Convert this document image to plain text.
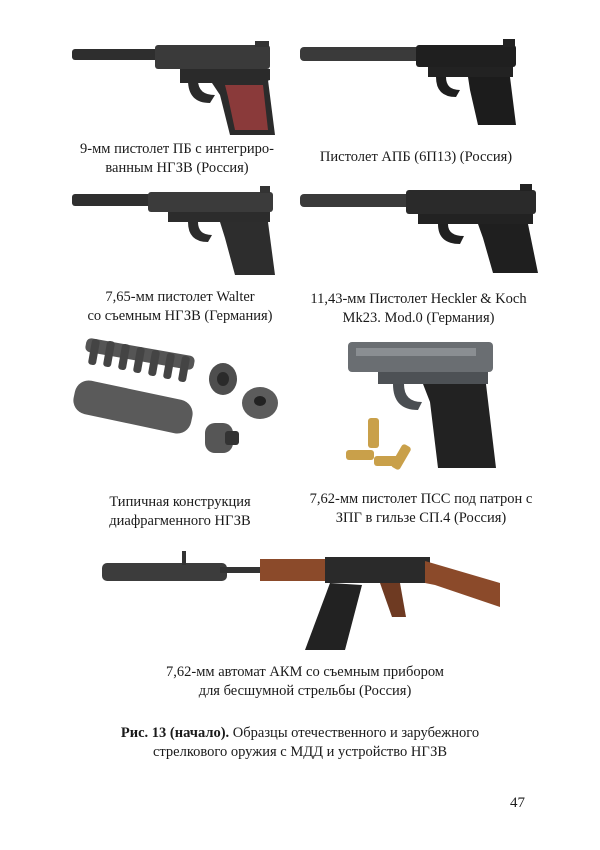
9-мм пистолет ПБ с интегриро-
ванным НГЗВ (Россия)
Пистолет АПБ (6П13) (Россия)
7,65-мм пистолет Walter
со съемным НГЗВ (Германия)
11,43-мм Пистолет Heckler & Koch
Mk23. Mod.0 (Германия)
Типичная конструкция
диафрагменного НГЗВ
7,62-мм пистолет ПСС под патрон с
ЗПГ в гильзе СП.4 (Россия)
7,62-мм автомат АКМ со съемным прибором
для бесшумной стрельбы (Россия)
Рис. 13 (начало). Образцы отечественного и зарубежного
стрелкового оружия с МДД и устройство НГЗВ
47
